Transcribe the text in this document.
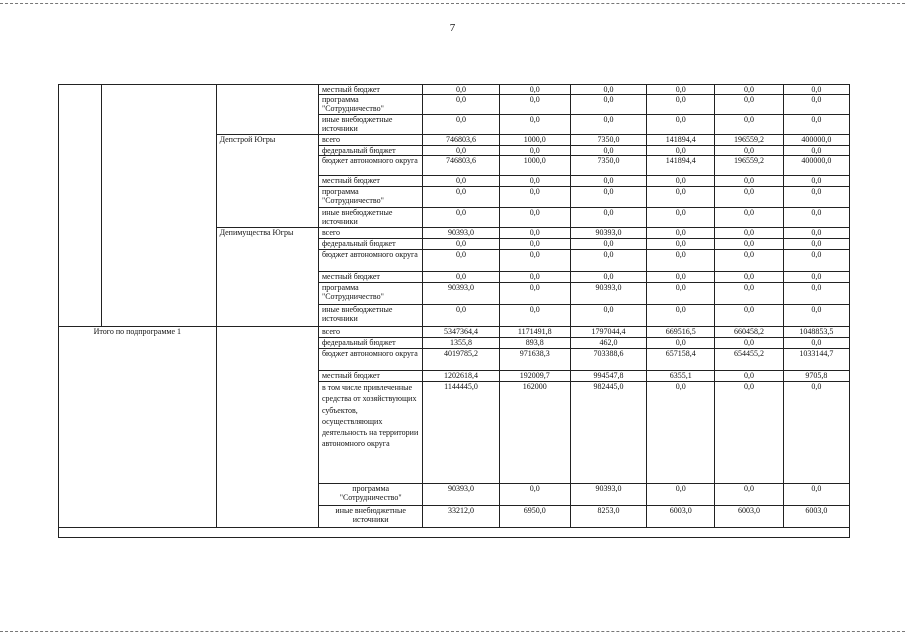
7
			местный бюджет	0,0	0,0	0,0	0,0	0,0	0,0
			программа "Сотрудничество"	0,0	0,0	0,0	0,0	0,0	0,0
			иные внебюджетные источники	0,0	0,0	0,0	0,0	0,0	0,0
		Депстрой Югры	всего	746803,6	1000,0	7350,0	141894,4	196559,2	400000,0
			федеральный бюджет	0,0	0,0	0,0	0,0	0,0	0,0
			бюджет автономного округа	746803,6	1000,0	7350,0	141894,4	196559,2	400000,0
			местный бюджет	0,0	0,0	0,0	0,0	0,0	0,0
			программа "Сотрудничество"	0,0	0,0	0,0	0,0	0,0	0,0
			иные внебюджетные источники	0,0	0,0	0,0	0,0	0,0	0,0
		Депимущества Югры	всего	90393,0	0,0	90393,0	0,0	0,0	0,0
			федеральный бюджет	0,0	0,0	0,0	0,0	0,0	0,0
			бюджет автономного округа	0,0	0,0	0,0	0,0	0,0	0,0
			местный бюджет	0,0	0,0	0,0	0,0	0,0	0,0
			программа "Сотрудничество"	90393,0	0,0	90393,0	0,0	0,0	0,0
			иные внебюджетные источники	0,0	0,0	0,0	0,0	0,0	0,0
Итого по подпрограмме 1			всего	5347364,4	1171491,8	1797044,4	669516,5	660458,2	1048853,5
			федеральный бюджет	1355,8	893,8	462,0	0,0	0,0	0,0
			бюджет автономного округа	4019785,2	971638,3	703388,6	657158,4	654455,2	1033144,7
			местный бюджет	1202618,4	192009,7	994547,8	6355,1	0,0	9705,8
			в том числе привлеченные средства от хозяйствующих субъектов, осуществляющих деятельность на территории автономного округа	1144445,0	162000	982445,0	0,0	0,0	0,0
			программа "Сотрудничество"	90393,0	0,0	90393,0	0,0	0,0	0,0
			иные внебюджетные источники	33212,0	6950,0	8253,0	6003,0	6003,0	6003,0
